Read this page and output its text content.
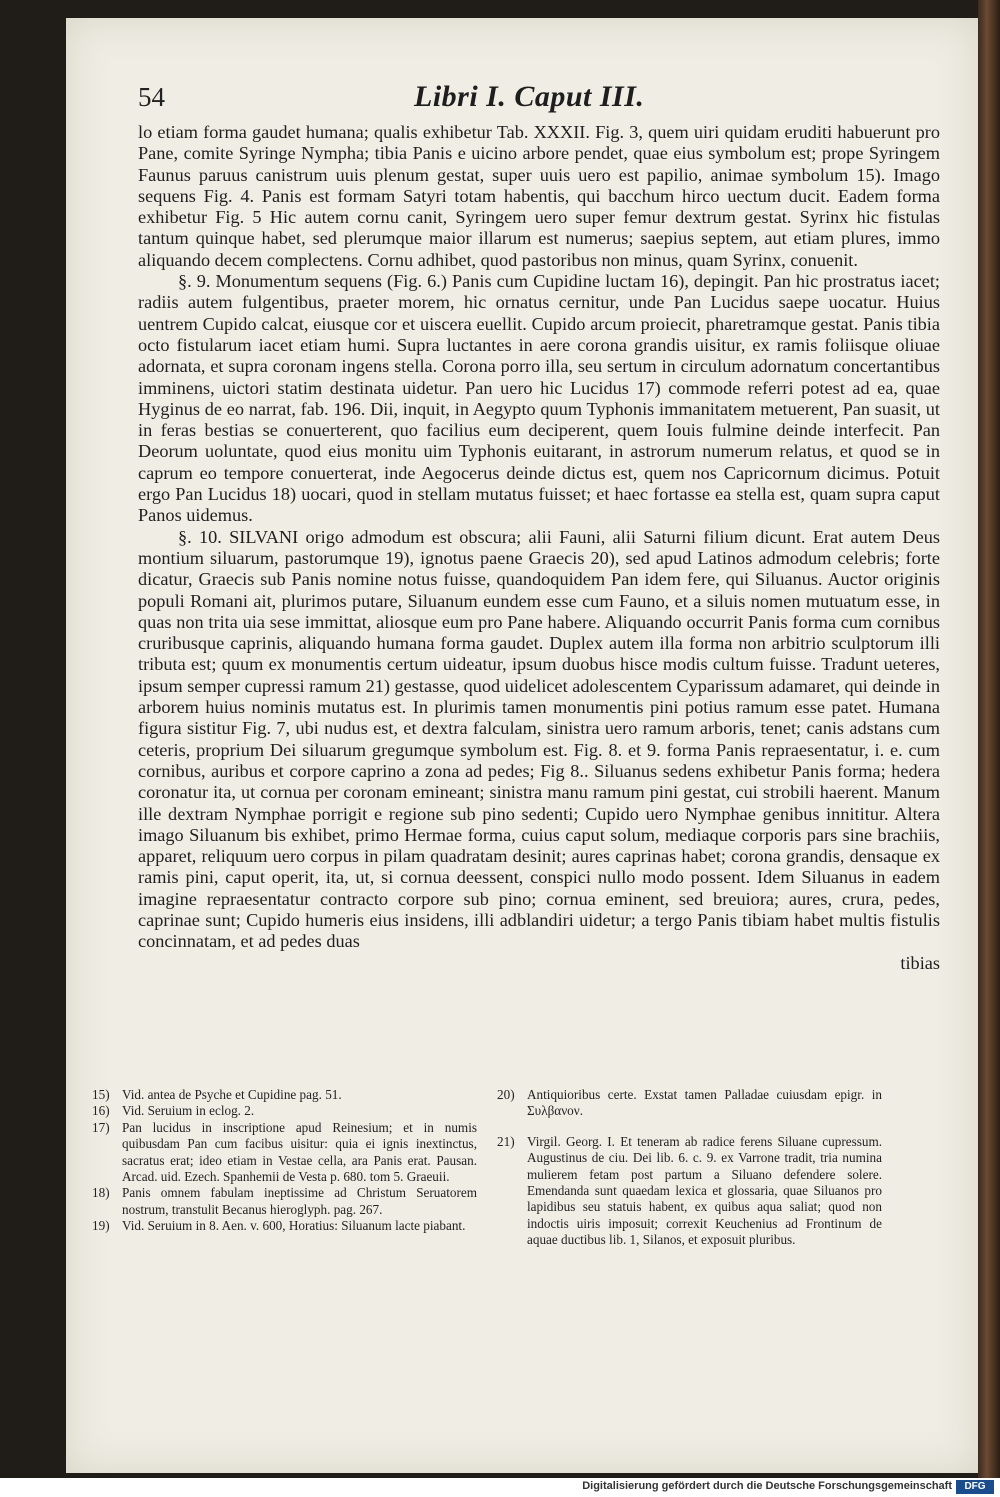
54	Libri I. Caput III.

lo etiam forma gaudet humana; qualis exhibetur Tab. XXXII. Fig. 3, quem uiri quidam eruditi habuerunt pro Pane, comite Syringe Nympha; tibia Panis e uicino arbore pendet, quae eius symbolum est; prope Syringem Faunus paruus canistrum uuis plenum gestat, super uuis uero est papilio, animae symbolum 15). Imago sequens Fig. 4. Panis est formam Satyri totam habentis, qui bacchum hirco uectum ducit. Eadem forma exhibetur Fig. 5 Hic autem cornu canit, Syringem uero super femur dextrum gestat. Syrinx hic fistulas tantum quinque habet, sed plerumque maior illarum est numerus; saepius septem, aut etiam plures, immo aliquando decem complectens. Cornu adhibet, quod pastoribus non minus, quam Syrinx, conuenit.

§. 9. Monumentum sequens (Fig. 6.) Panis cum Cupidine luctam 16), depingit. Pan hic prostratus iacet; radiis autem fulgentibus, praeter morem, hic ornatus cernitur, unde Pan Lucidus saepe uocatur. Huius uentrem Cupido calcat, eiusque cor et uiscera euellit. Cupido arcum proiecit, pharetramque gestat. Panis tibia octo fistularum iacet etiam humi. Supra luctantes in aere corona grandis uisitur, ex ramis foliisque oliuae adornata, et supra coronam ingens stella. Corona porro illa, seu sertum in circulum adornatum concertantibus imminens, uictori statim destinata uidetur. Pan uero hic Lucidus 17) commode referri potest ad ea, quae Hyginus de eo narrat, fab. 196. Dii, inquit, in Aegypto quum Typhonis immanitatem metuerent, Pan suasit, ut in feras bestias se conuerterent, quo facilius eum deciperent, quem Iouis fulmine deinde interfecit. Pan Deorum uoluntate, quod eius monitu uim Typhonis euitarant, in astrorum numerum relatus, et quod se in caprum eo tempore conuerterat, inde Aegocerus deinde dictus est, quem nos Capricornum dicimus. Potuit ergo Pan Lucidus 18) uocari, quod in stellam mutatus fuisset; et haec fortasse ea stella est, quam supra caput Panos uidemus.

§. 10. SILVANI origo admodum est obscura; alii Fauni, alii Saturni filium dicunt. Erat autem Deus montium siluarum, pastorumque 19), ignotus paene Graecis 20), sed apud Latinos admodum celebris; forte dicatur, Graecis sub Panis nomine notus fuisse, quandoquidem Pan idem fere, qui Siluanus. Auctor originis populi Romani ait, plurimos putare, Siluanum eundem esse cum Fauno, et a siluis nomen mutuatum esse, in quas non trita uia sese immittat, aliosque eum pro Pane habere. Aliquando occurrit Panis forma cum cornibus cruribusque caprinis, aliquando humana forma gaudet. Duplex autem illa forma non arbitrio sculptorum illi tributa est; quum ex monumentis certum uideatur, ipsum duobus hisce modis cultum fuisse. Tradunt ueteres, ipsum semper cupressi ramum 21) gestasse, quod uidelicet adolescentem Cyparissum adamaret, qui deinde in arborem huius nominis mutatus est. In plurimis tamen monumentis pini potius ramum esse patet. Humana figura sistitur Fig. 7, ubi nudus est, et dextra falculam, sinistra uero ramum arboris, tenet; canis adstans cum ceteris, proprium Dei siluarum gregumque symbolum est. Fig. 8. et 9. forma Panis repraesentatur, i. e. cum cornibus, auribus et corpore caprino a zona ad pedes; Fig 8.. Siluanus sedens exhibetur Panis forma; hedera coronatur ita, ut cornua per coronam emineant; sinistra manu ramum pini gestat, cui strobili haerent. Manum ille dextram Nymphae porrigit e regione sub pino sedenti; Cupido uero Nymphae genibus innititur. Altera imago Siluanum bis exhibet, primo Hermae forma, cuius caput solum, mediaque corporis pars sine brachiis, apparet, reliquum uero corpus in pilam quadratam desinit; aures caprinas habet; corona grandis, densaque ex ramis pini, caput operit, ita, ut, si cornua deessent, conspici nullo modo possent. Idem Siluanus in eadem imagine repraesentatur contracto corpore sub pino; cornua eminent, sed breuiora; aures, crura, pedes, caprinae sunt; Cupido humeris eius insidens, illi adblandiri uidetur; a tergo Panis tibiam habet multis fistulis concinnatam, et ad pedes duas

tibias
15) Vid. antea de Psyche et Cupidine pag. 51.
16) Vid. Seruium in eclog. 2.
17) Pan lucidus in inscriptione apud Reinesium; et in numis quibusdam Pan cum facibus uisitur: quia ei ignis inextinctus, sacratus erat; ideo etiam in Vestae cella, ara Panis erat. Pausan. Arcad. uid. Ezech. Spanhemii de Vesta p. 680. tom 5. Graeuii.
18) Panis omnem fabulam ineptissime ad Christum Seruatorem nostrum, transtulit Becanus hieroglyph. pag. 267.
19) Vid. Seruium in 8. Aen. v. 600, Horatius: Siluanum lacte piabant.
20) Antiquioribus certe. Exstat tamen Palladae cuiusdam epigr. in Συλβανον.
21) Virgil. Georg. I. Et teneram ab radice ferens Siluane cupressum. Augustinus de ciu. Dei lib. 6. c. 9. ex Varrone tradit, tria numina mulierem fetam post partum a Siluano defendere solere. Emendanda sunt quaedam lexica et glossaria, quae Siluanos pro lapidibus seu statuis habent, ex quibus aqua saliat; quod non indoctis uiris imposuit; correxit Keuchenius ad Frontinum de aquae ductibus lib. 1, Silanos, et exposuit pluribus.
Digitalisierung gefördert durch die Deutsche Forschungsgemeinschaft	DFG
